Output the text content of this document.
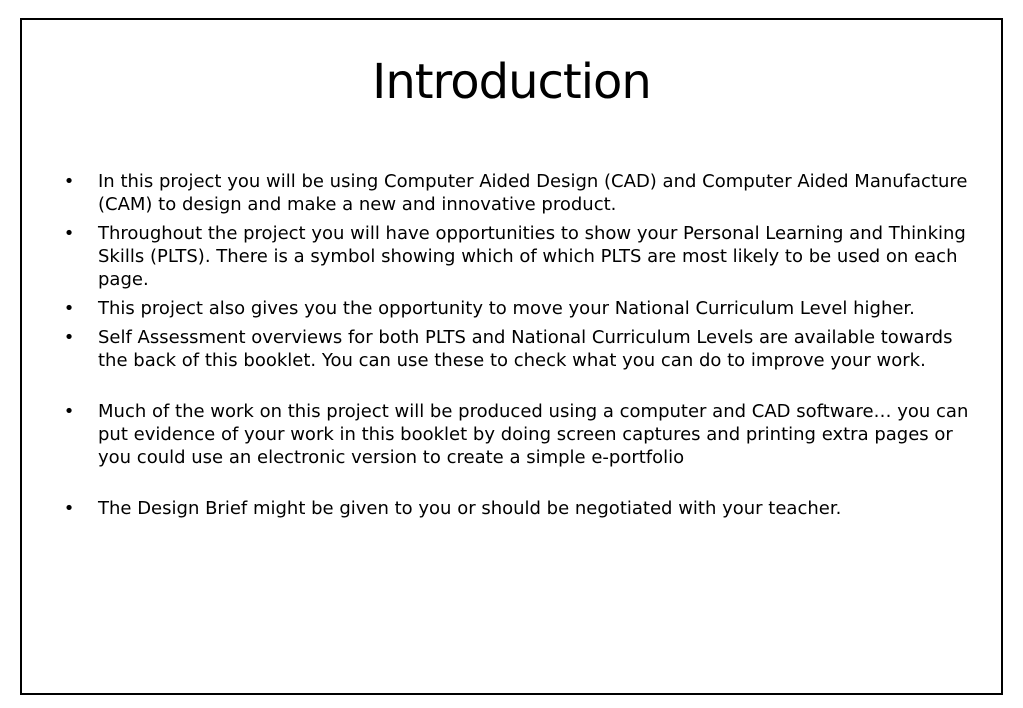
Introduction
• In this project you will be using Computer Aided Design (CAD) and Computer Aided Manufacture (CAM) to design and make a new and innovative product.
• Throughout the project you will have opportunities to show your Personal Learning and Thinking Skills (PLTS). There is a symbol showing which of which PLTS are most likely to be used on each page.
• This project also gives you the opportunity to move your National Curriculum Level higher.
• Self Assessment overviews for both PLTS and National Curriculum Levels are available towards the back of this booklet. You can use these to check what you can do to improve your work.
• Much of the work on this project will be produced using a computer and CAD software… you can put evidence of your work in this booklet by doing screen captures and printing extra pages or you could use an electronic version to create a simple e-portfolio
• The Design Brief might be given to you or should be negotiated with your teacher.
